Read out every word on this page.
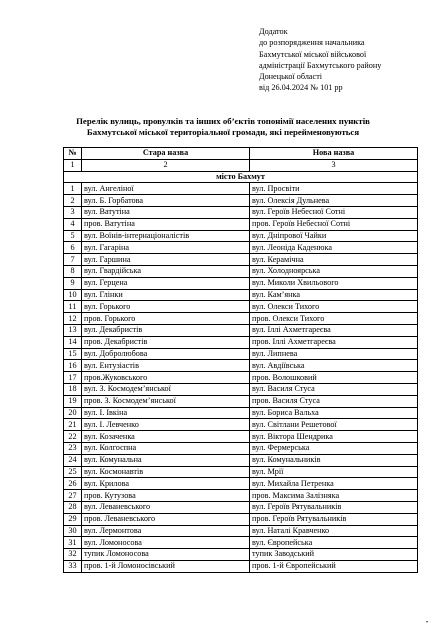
Додаток
до розпорядження начальника
Бахмутської міської військової
адміністрації Бахмутського району
Донецької області
від 26.04.2024 № 101 рр
Перелік вулиць, провулків та інших об’єктів топонімії населених пунктів
Бахмутської міської територіальної громади, які перейменовуються
№	Стара назва	Нова назва
1	2	3
місто Бахмут		
1	вул. Ангеліної	вул. Просвіти
2	вул. Б. Горбатова	вул. Олексія Дульнева
3	вул. Ватутіна	вул. Героїв Небесної Сотні
4	пров. Ватутіна	пров. Героїв Небесної Сотні
5	вул. Воїнів-інтернаціоналістів	вул. Дніпрової Чайки
6	вул. Гагаріна	вул. Леоніда Каденюка
7	вул. Гаршина	вул. Керамічна
8	вул. Гвардійська	вул. Холодноярська
9	вул. Герцена	вул. Миколи Хвильового
10	вул. Глінки	вул. Кам’янка
11	вул. Горького	вул. Олекси Тихого
12	пров. Горького	пров. Олекси Тихого
13	вул. Декабристів	вул. Іллі Ахметгареєва
14	пров. Декабристів	пров. Іллі Ахметгареєва
15	вул. Добролюбова	вул. Липнева
16	вул. Ентузіастів	вул. Авдіївська
17	пров.Жуковського	пров. Волошковий
18	вул. З. Космодем’янської	вул. Василя Стуса
19	пров. З. Космодем’янської	пров. Василя Стуса
20	вул. І. Івкіна	вул. Бориса Вальха
21	вул. І. Левченко	вул. Світлани Решетової
22	вул. Козаченка	вул. Віктора Шендрика
23	вул. Колгоспна	вул. Фермерська
24	вул. Комунальна	вул. Комунальників
25	вул. Космонавтів	вул. Мрії
26	вул. Крилова	вул. Михайла Петренка
27	пров. Кутузова	пров. Максима Залізняка
28	вул. Леваневського	вул. Героїв Рятувальників
29	пров. Леваневського	пров. Героїв Рятувальників
30	вул. Лермонтова	вул. Наталі Кравченко
31	вул. Ломоносова	вул. Європейська
32	тупик Ломоносова	тупик Заводський
33	пров. 1-й Ломоносівський	пров. 1-й Європейський
•
